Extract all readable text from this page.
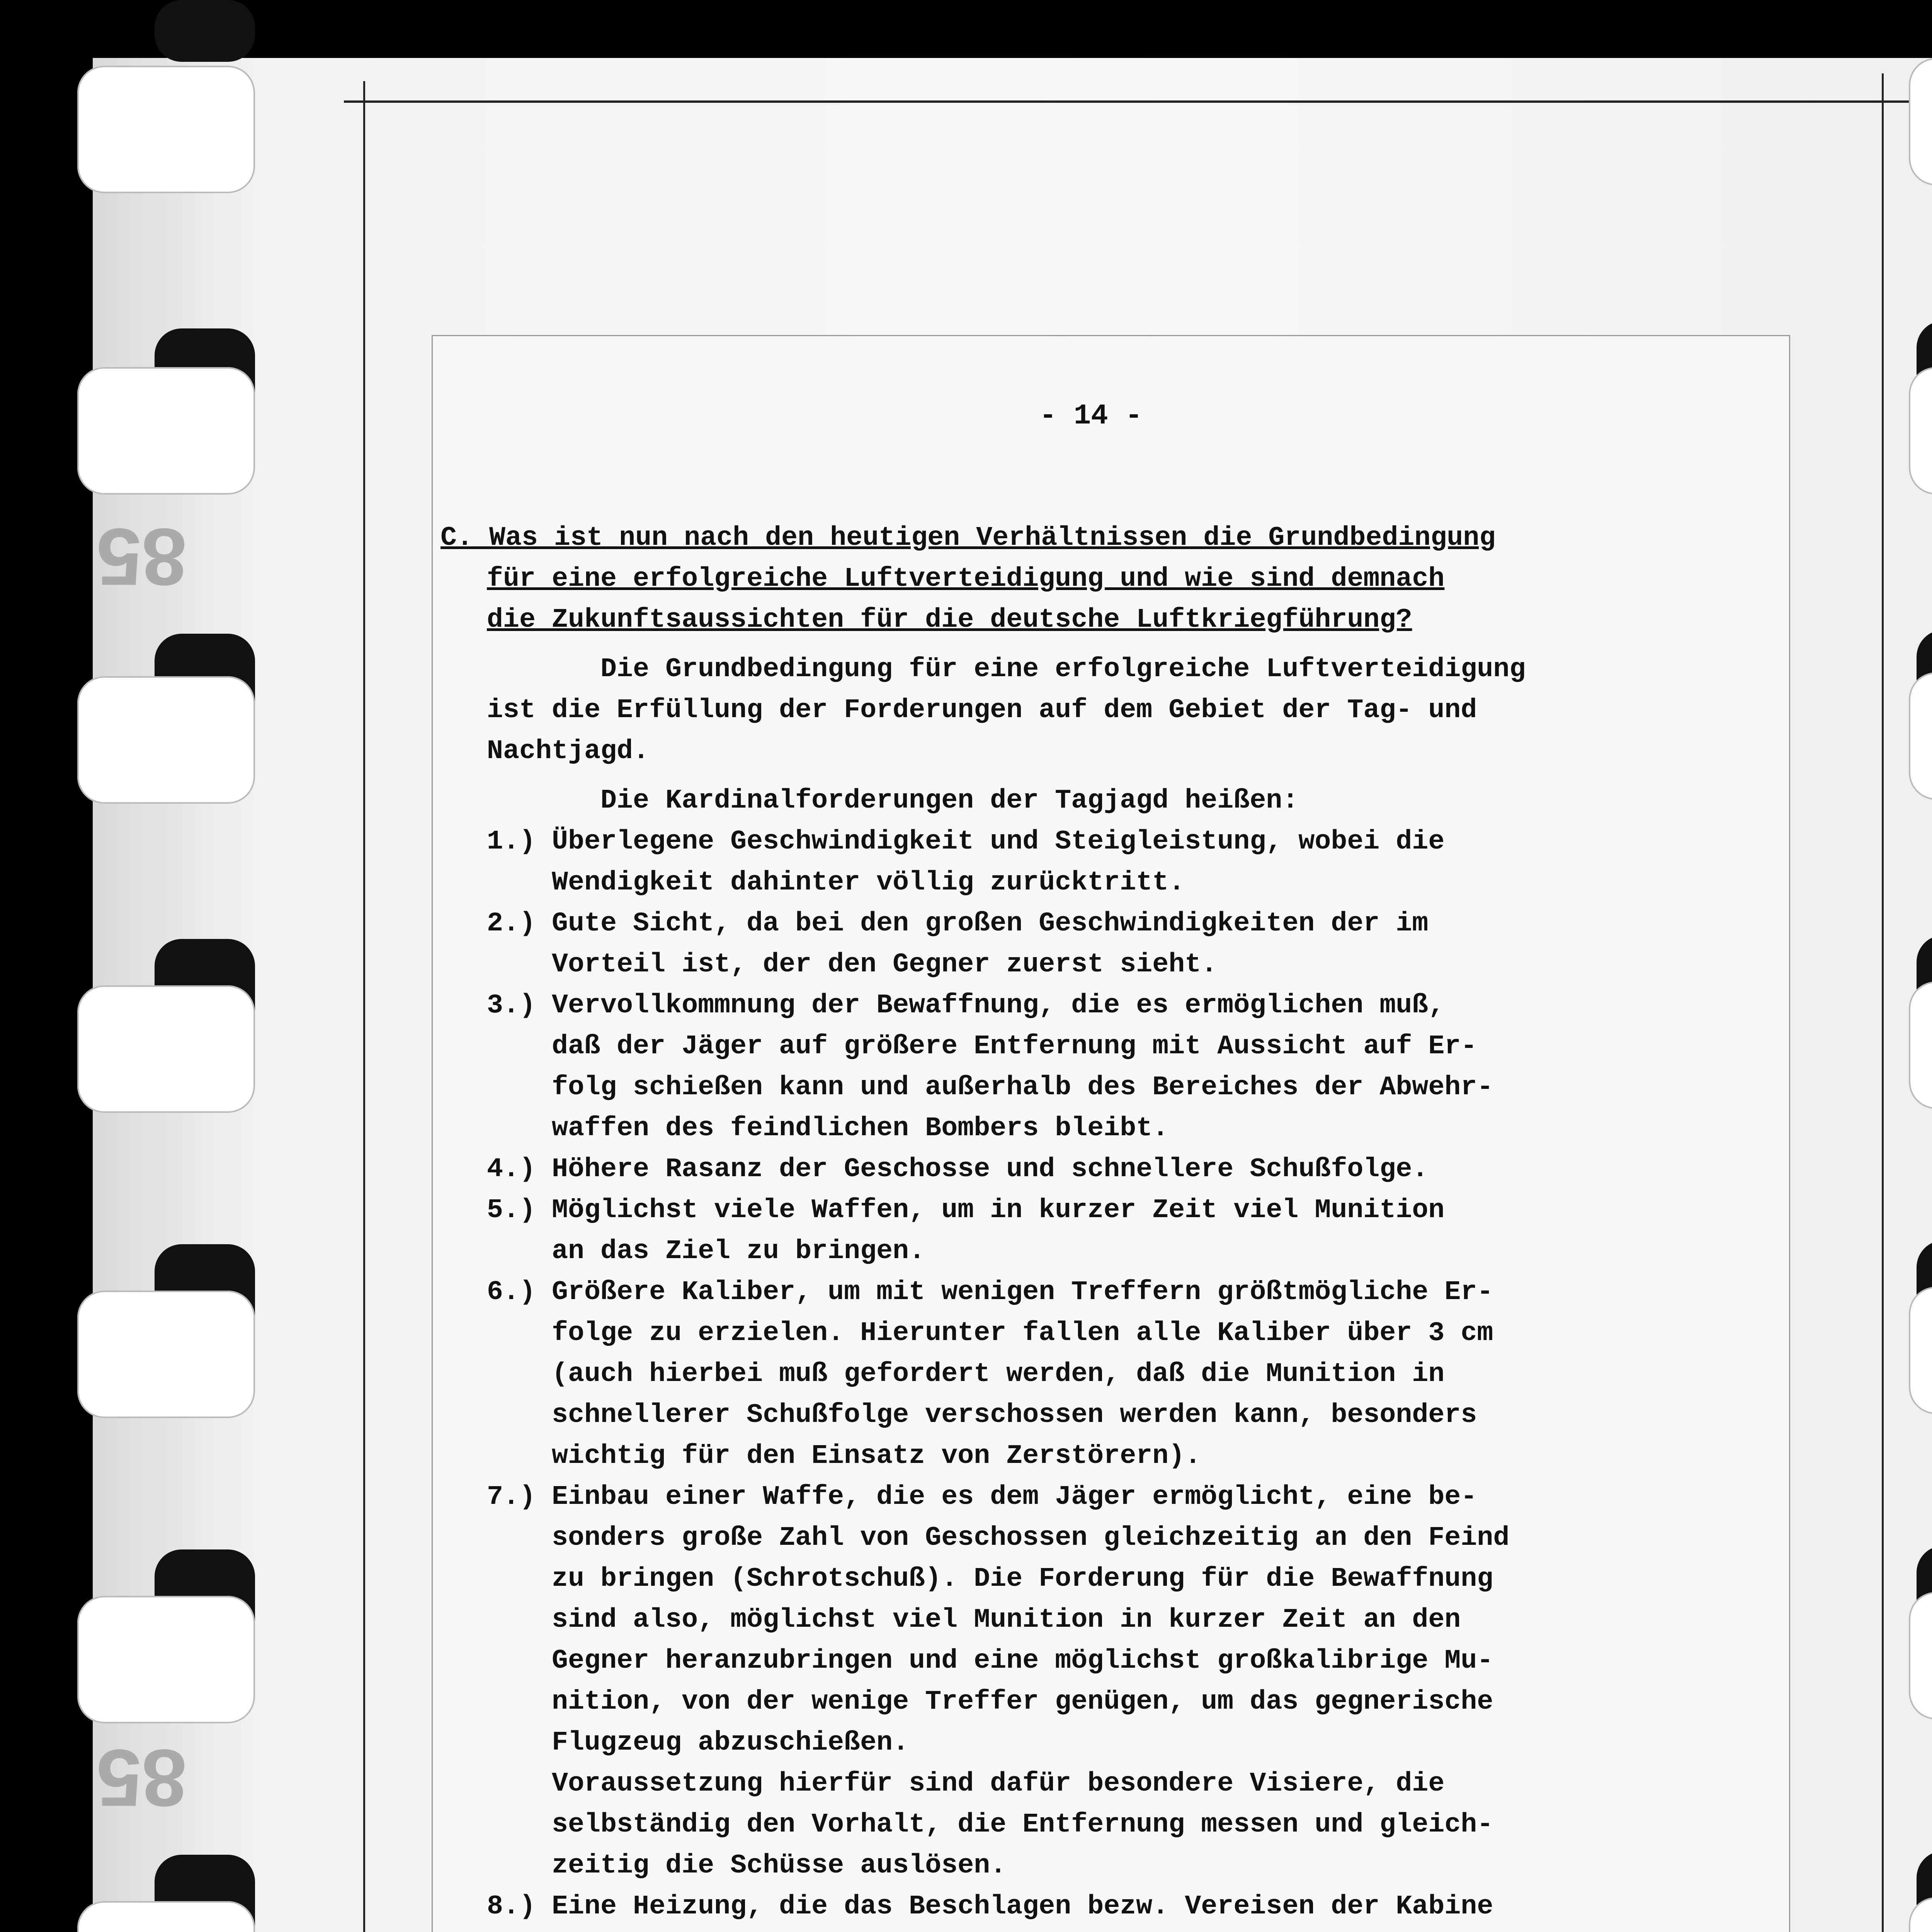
85
85
- 14 -
C. Was ist nun nach den heutigen Verhältnissen die Grundbedingung
für eine erfolgreiche Luftverteidigung und wie sind demnach
die Zukunftsaussichten für die deutsche Luftkriegführung?
Die Grundbedingung für eine erfolgreiche Luftverteidigung
ist die Erfüllung der Forderungen auf dem Gebiet der Tag- und
Nachtjagd.
Die Kardinalforderungen der Tagjagd heißen:
1.) Überlegene Geschwindigkeit und Steigleistung, wobei die
Wendigkeit dahinter völlig zurücktritt.
2.) Gute Sicht, da bei den großen Geschwindigkeiten der im
Vorteil ist, der den Gegner zuerst sieht.
3.) Vervollkommnung der Bewaffnung, die es ermöglichen muß,
daß der Jäger auf größere Entfernung mit Aussicht auf Er-
folg schießen kann und außerhalb des Bereiches der Abwehr-
waffen des feindlichen Bombers bleibt.
4.) Höhere Rasanz der Geschosse und schnellere Schußfolge.
5.) Möglichst viele Waffen, um in kurzer Zeit viel Munition
an das Ziel zu bringen.
6.) Größere Kaliber, um mit wenigen Treffern größtmögliche Er-
folge zu erzielen. Hierunter fallen alle Kaliber über 3 cm
(auch hierbei muß gefordert werden, daß die Munition in
schnellerer Schußfolge verschossen werden kann, besonders
wichtig für den Einsatz von Zerstörern).
7.) Einbau einer Waffe, die es dem Jäger ermöglicht, eine be-
sonders große Zahl von Geschossen gleichzeitig an den Feind
zu bringen (Schrotschuß). Die Forderung für die Bewaffnung
sind also, möglichst viel Munition in kurzer Zeit an den
Gegner heranzubringen und eine möglichst großkalibrige Mu-
nition, von der wenige Treffer genügen, um das gegnerische
Flugzeug abzuschießen.
Voraussetzung hierfür sind dafür besondere Visiere, die
selbständig den Vorhalt, die Entfernung messen und gleich-
zeitig die Schüsse auslösen.
8.) Eine Heizung, die das Beschlagen bezw. Vereisen der Kabine
